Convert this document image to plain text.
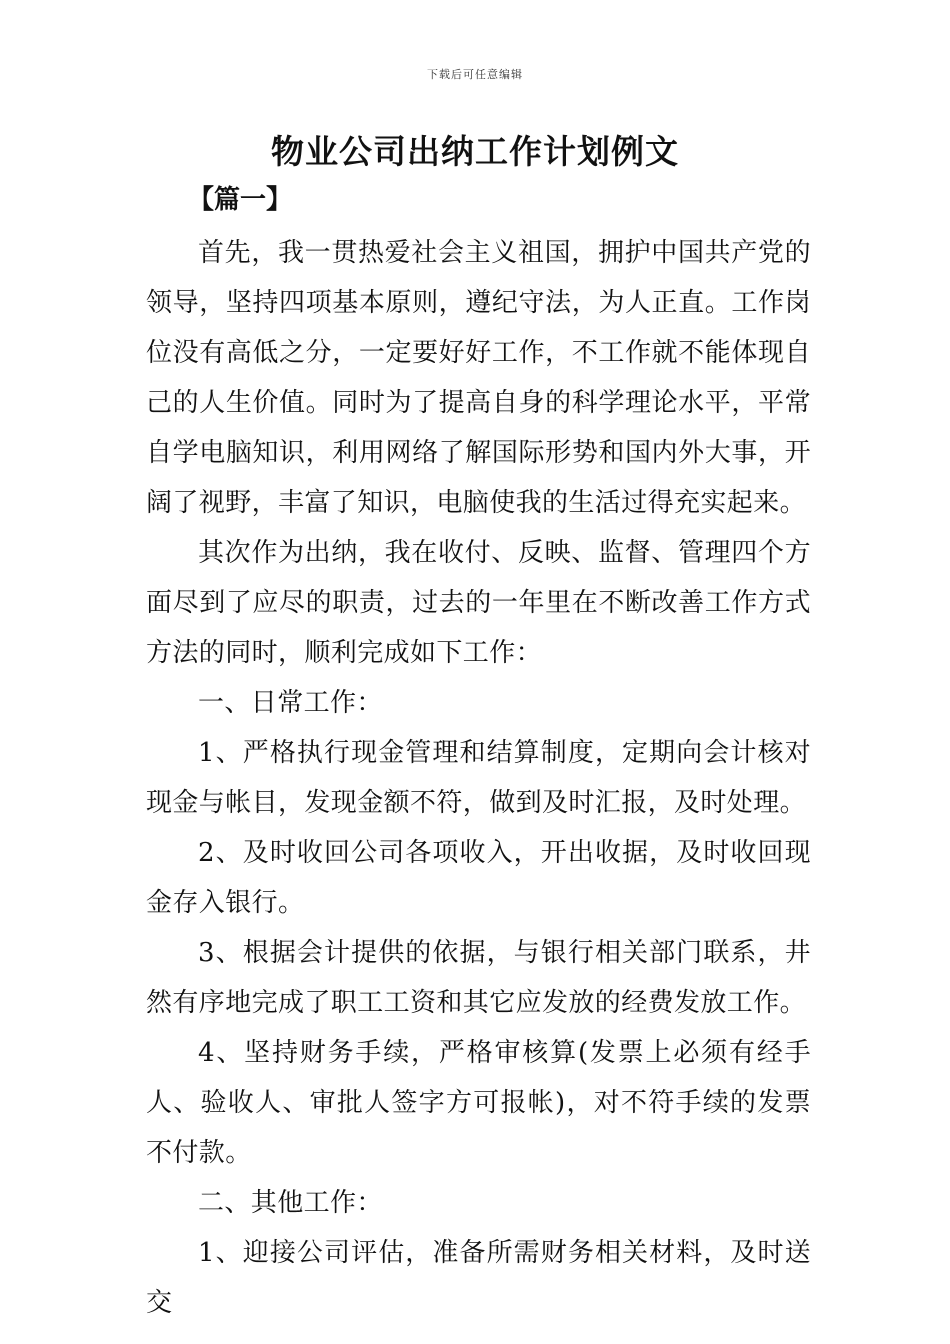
下载后可任意编辑
物业公司出纳工作计划例文
【篇一】

首先，我一贯热爱社会主义祖国，拥护中国共产党的领导，坚持四项基本原则，遵纪守法，为人正直。工作岗位没有高低之分，一定要好好工作，不工作就不能体现自己的人生价值。同时为了提高自身的科学理论水平，平常自学电脑知识，利用网络了解国际形势和国内外大事，开阔了视野，丰富了知识，电脑使我的生活过得充实起来。

其次作为出纳，我在收付、反映、监督、管理四个方面尽到了应尽的职责，过去的一年里在不断改善工作方式方法的同时，顺利完成如下工作：

一、日常工作：

1、严格执行现金管理和结算制度，定期向会计核对现金与帐目，发现金额不符，做到及时汇报，及时处理。

2、及时收回公司各项收入，开出收据，及时收回现金存入银行。

3、根据会计提供的依据，与银行相关部门联系，井然有序地完成了职工工资和其它应发放的经费发放工作。

4、坚持财务手续，严格审核算(发票上必须有经手人、验收人、审批人签字方可报帐)，对不符手续的发票不付款。

二、其他工作：

1、迎接公司评估，准备所需财务相关材料，及时送交
